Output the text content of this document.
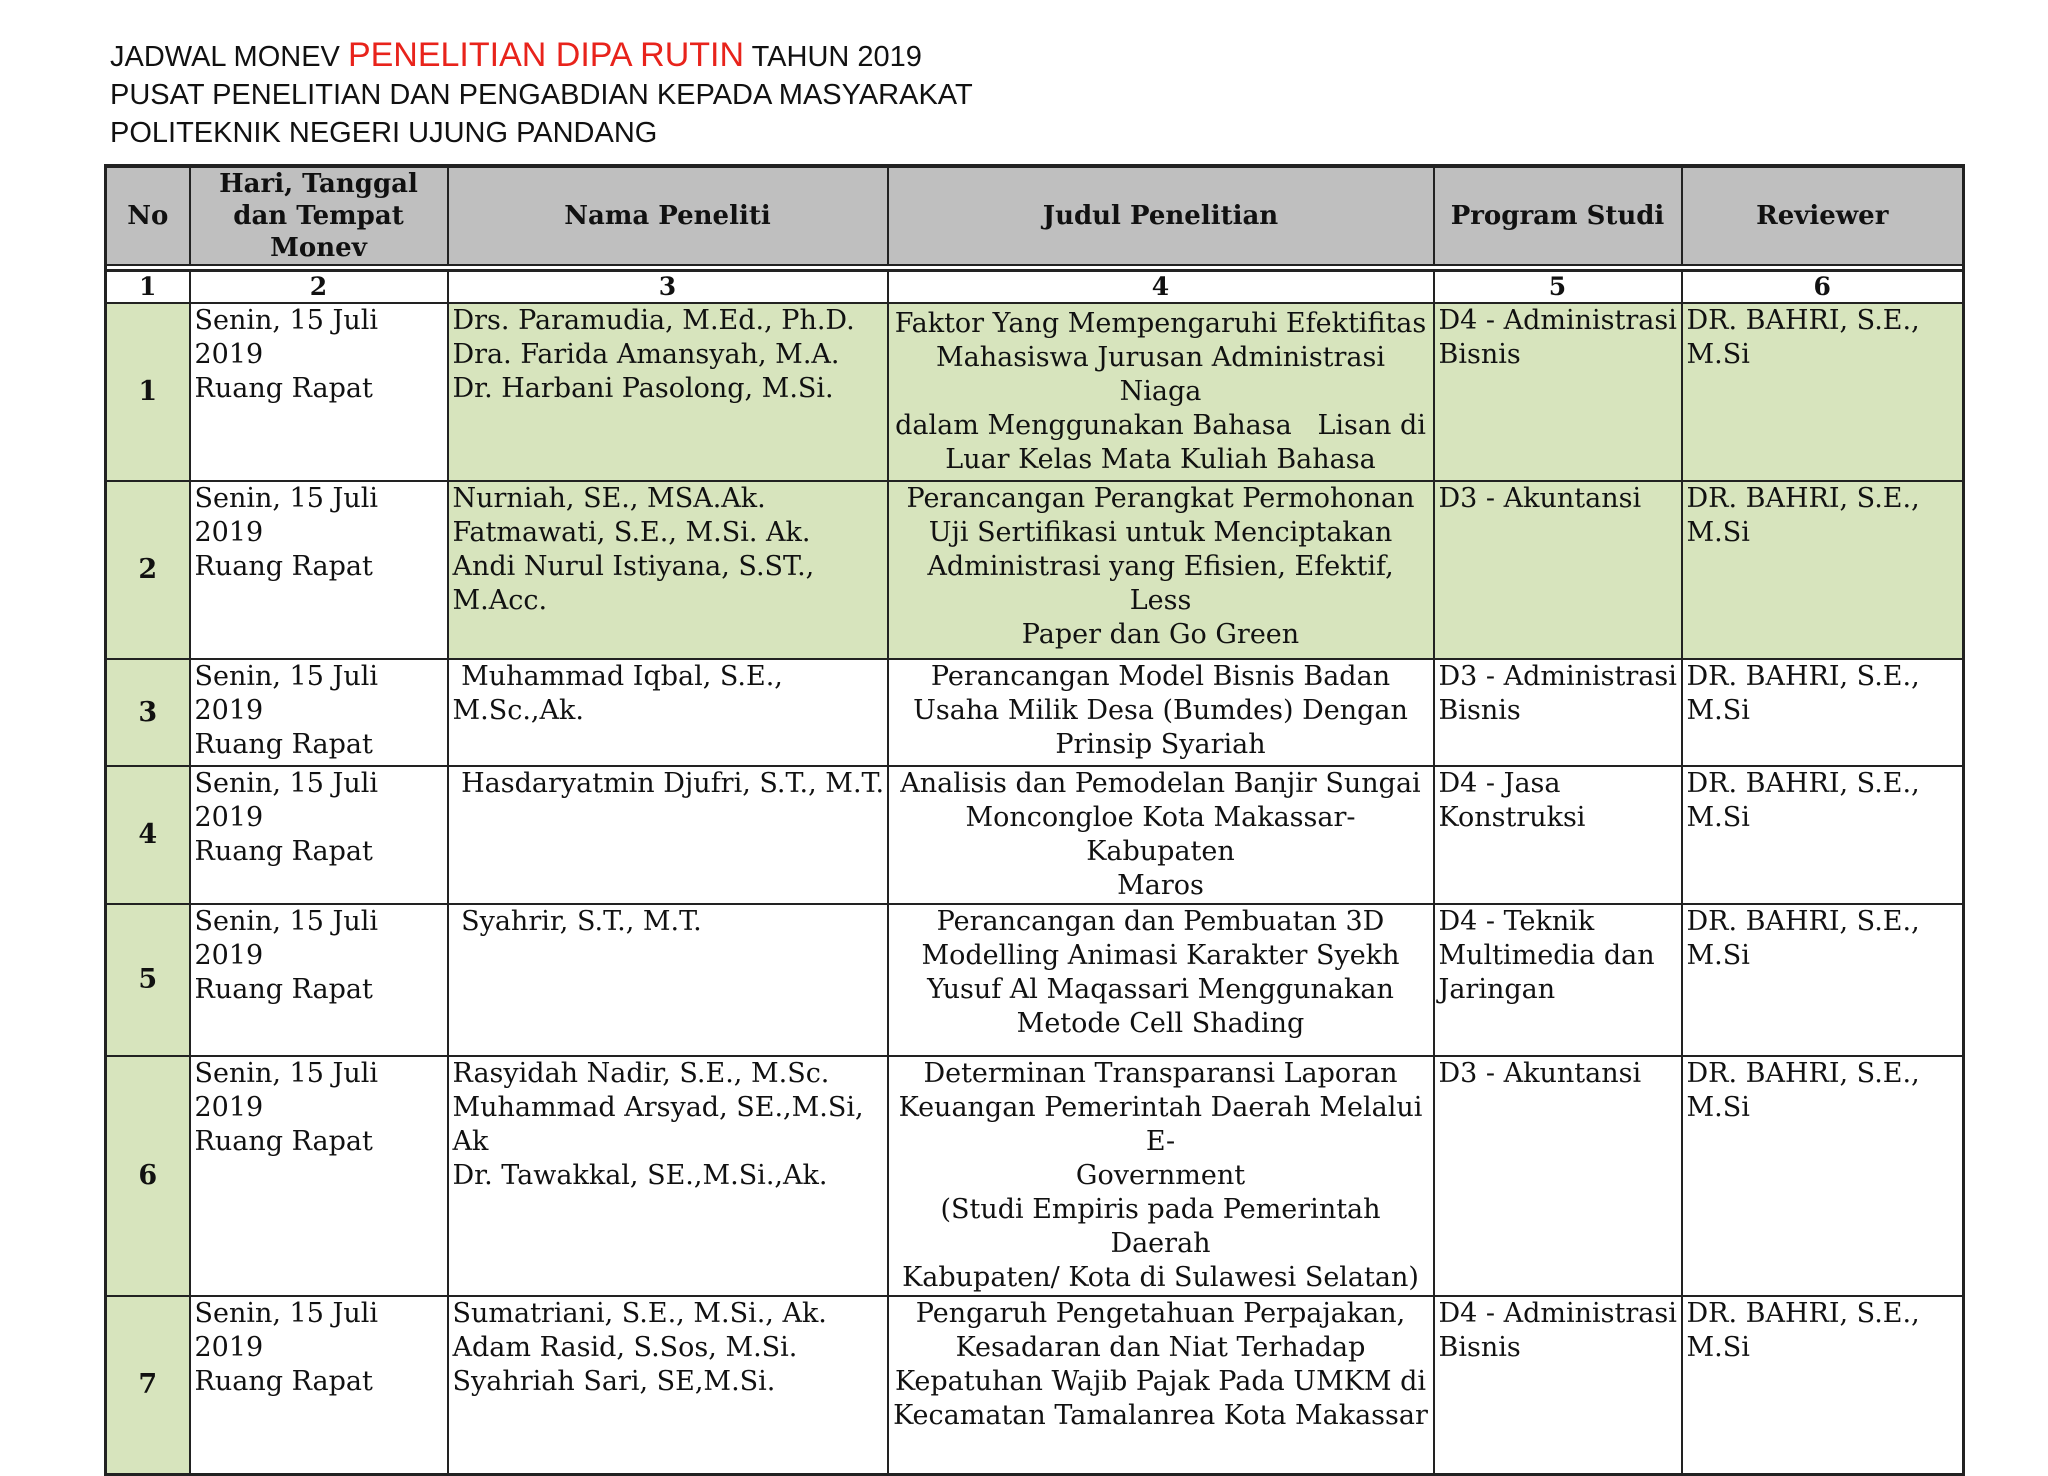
JADWAL MONEV PENELITIAN DIPA RUTIN TAHUN 2019
PUSAT PENELITIAN DAN PENGABDIAN KEPADA MASYARAKAT
POLITEKNIK NEGERI UJUNG PANDANG
No	Hari, Tanggal dan Tempat Monev	Nama Peneliti	Judul Penelitian	Program Studi	Reviewer

1	2	3	4	5	6
1	Senin, 15 Juli
2019
Ruang Rapat	Drs. Paramudia, M.Ed., Ph.D.
Dra. Farida Amansyah, M.A.
Dr. Harbani Pasolong, M.Si.	Faktor Yang Mempengaruhi Efektifitas
Mahasiswa Jurusan Administrasi Niaga
dalam Menggunakan Bahasa   Lisan di
Luar Kelas Mata Kuliah Bahasa	D4 - Administrasi
Bisnis	DR. BAHRI, S.E.,
M.Si

2	Senin, 15 Juli
2019
Ruang Rapat	Nurniah, SE., MSA.Ak.
Fatmawati, S.E., M.Si. Ak.
Andi Nurul Istiyana, S.ST.,
M.Acc.	Perancangan Perangkat Permohonan
Uji Sertifikasi untuk Menciptakan
Administrasi yang Efisien, Efektif, Less
Paper dan Go Green	D3 - Akuntansi	DR. BAHRI, S.E.,
M.Si

3	Senin, 15 Juli
2019
Ruang Rapat	Muhammad Iqbal, S.E.,
M.Sc.,Ak.	Perancangan Model Bisnis Badan
Usaha Milik Desa (Bumdes) Dengan
Prinsip Syariah	D3 - Administrasi
Bisnis	DR. BAHRI, S.E.,
M.Si

4	Senin, 15 Juli
2019
Ruang Rapat	Hasdaryatmin Djufri, S.T., M.T.	Analisis dan Pemodelan Banjir Sungai
Moncongloe Kota Makassar-Kabupaten
Maros	D4 - Jasa
Konstruksi	DR. BAHRI, S.E.,
M.Si

5	Senin, 15 Juli
2019
Ruang Rapat	Syahrir, S.T., M.T.	Perancangan dan Pembuatan 3D
Modelling Animasi Karakter Syekh
Yusuf Al Maqassari Menggunakan
Metode Cell Shading	D4 - Teknik
Multimedia dan
Jaringan	DR. BAHRI, S.E.,
M.Si

6	Senin, 15 Juli
2019
Ruang Rapat	Rasyidah Nadir, S.E., M.Sc.
Muhammad Arsyad, SE.,M.Si,
Ak
Dr. Tawakkal, SE.,M.Si.,Ak.	Determinan Transparansi Laporan
Keuangan Pemerintah Daerah Melalui E-
Government
(Studi Empiris pada Pemerintah Daerah
Kabupaten/ Kota di Sulawesi Selatan)	D3 - Akuntansi	DR. BAHRI, S.E.,
M.Si

7	Senin, 15 Juli
2019
Ruang Rapat	Sumatriani, S.E., M.Si., Ak.
Adam Rasid, S.Sos, M.Si.
Syahriah Sari, SE,M.Si.	Pengaruh Pengetahuan Perpajakan,
Kesadaran dan Niat Terhadap
Kepatuhan Wajib Pajak Pada UMKM di
Kecamatan Tamalanrea Kota Makassar	D4 - Administrasi
Bisnis	DR. BAHRI, S.E.,
M.Si
